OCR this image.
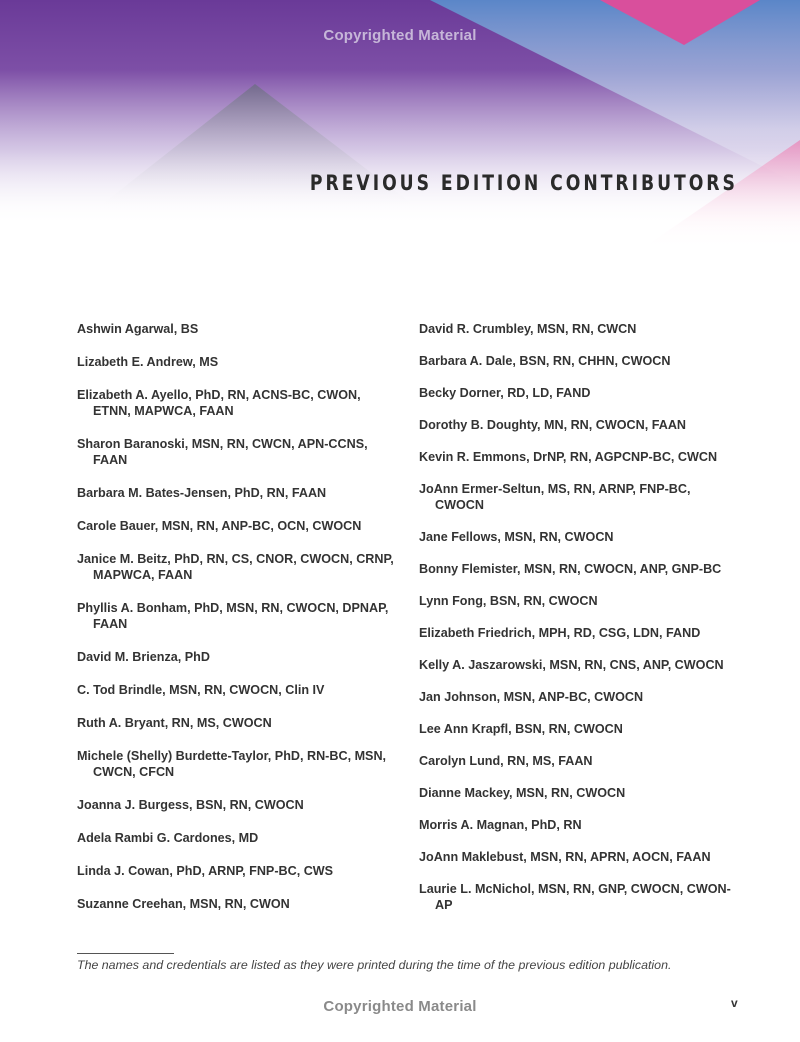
Copyrighted Material
PREVIOUS EDITION CONTRIBUTORS
Ashwin Agarwal, BS
Lizabeth E. Andrew, MS
Elizabeth A. Ayello, PhD, RN, ACNS-BC, CWON, ETNN, MAPWCA, FAAN
Sharon Baranoski, MSN, RN, CWCN, APN-CCNS, FAAN
Barbara M. Bates-Jensen, PhD, RN, FAAN
Carole Bauer, MSN, RN, ANP-BC, OCN, CWOCN
Janice M. Beitz, PhD, RN, CS, CNOR, CWOCN, CRNP, MAPWCA, FAAN
Phyllis A. Bonham, PhD, MSN, RN, CWOCN, DPNAP, FAAN
David M. Brienza, PhD
C. Tod Brindle, MSN, RN, CWOCN, Clin IV
Ruth A. Bryant, RN, MS, CWOCN
Michele (Shelly) Burdette-Taylor, PhD, RN-BC, MSN, CWCN, CFCN
Joanna J. Burgess, BSN, RN, CWOCN
Adela Rambi G. Cardones, MD
Linda J. Cowan, PhD, ARNP, FNP-BC, CWS
Suzanne Creehan, MSN, RN, CWON
David R. Crumbley, MSN, RN, CWCN
Barbara A. Dale, BSN, RN, CHHN, CWOCN
Becky Dorner, RD, LD, FAND
Dorothy B. Doughty, MN, RN, CWOCN, FAAN
Kevin R. Emmons, DrNP, RN, AGPCNP-BC, CWCN
JoAnn Ermer-Seltun, MS, RN, ARNP, FNP-BC, CWOCN
Jane Fellows, MSN, RN, CWOCN
Bonny Flemister, MSN, RN, CWOCN, ANP, GNP-BC
Lynn Fong, BSN, RN, CWOCN
Elizabeth Friedrich, MPH, RD, CSG, LDN, FAND
Kelly A. Jaszarowski, MSN, RN, CNS, ANP, CWOCN
Jan Johnson, MSN, ANP-BC, CWOCN
Lee Ann Krapfl, BSN, RN, CWOCN
Carolyn Lund, RN, MS, FAAN
Dianne Mackey, MSN, RN, CWOCN
Morris A. Magnan, PhD, RN
JoAnn Maklebust, MSN, RN, APRN, AOCN, FAAN
Laurie L. McNichol, MSN, RN, GNP, CWOCN, CWON-AP
The names and credentials are listed as they were printed during the time of the previous edition publication.
Copyrighted Material	v
